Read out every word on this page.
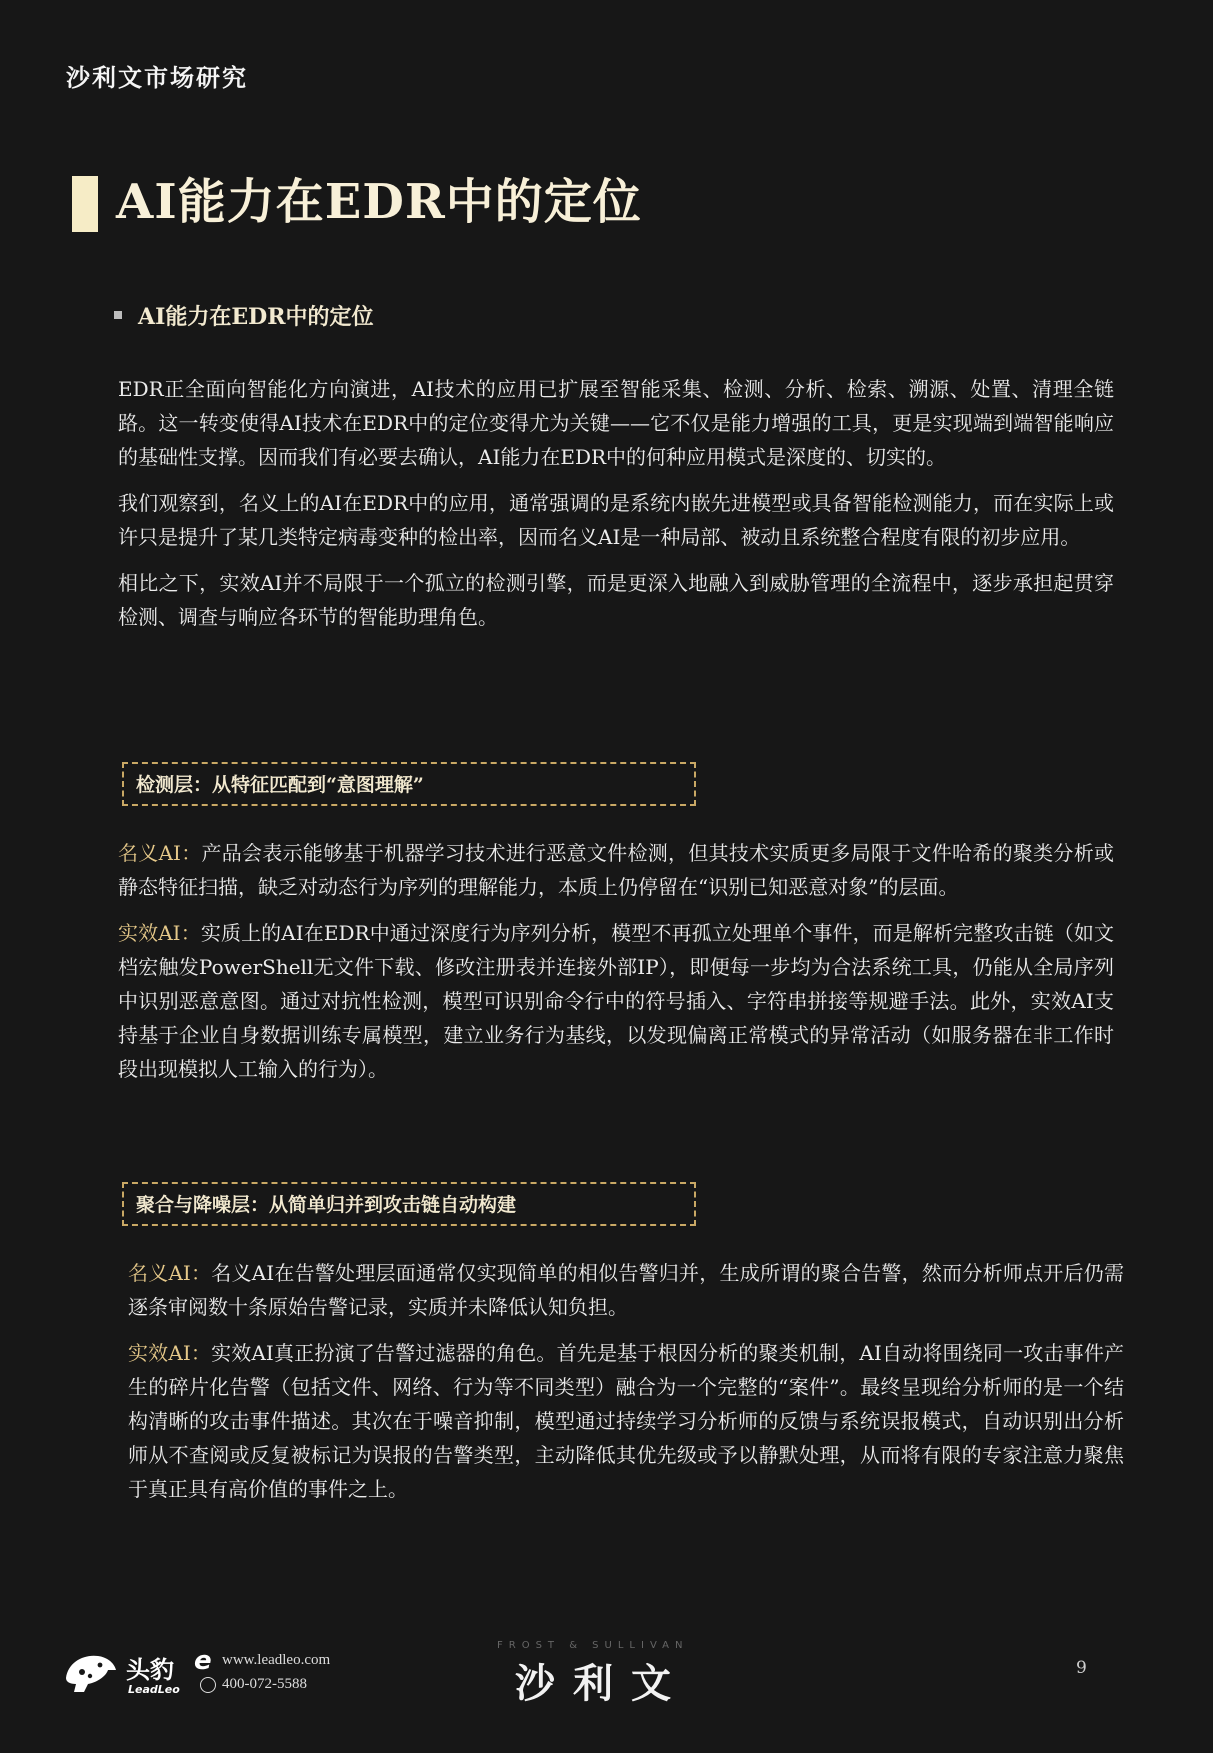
沙利文市场研究
AI能力在EDR中的定位
AI能力在EDR中的定位

EDR正全面向智能化方向演进，AI技术的应用已扩展至智能采集、检测、分析、检索、溯源、处置、清理全链路。这一转变使得AI技术在EDR中的定位变得尤为关键——它不仅是能力增强的工具，更是实现端到端智能响应的基础性支撑。因而我们有必要去确认，AI能力在EDR中的何种应用模式是深度的、切实的。

我们观察到，名义上的AI在EDR中的应用，通常强调的是系统内嵌先进模型或具备智能检测能力，而在实际上或许只是提升了某几类特定病毒变种的检出率，因而名义AI是一种局部、被动且系统整合程度有限的初步应用。

相比之下，实效AI并不局限于一个孤立的检测引擎，而是更深入地融入到威胁管理的全流程中，逐步承担起贯穿检测、调查与响应各环节的智能助理角色。

检测层：从特征匹配到“意图理解”

名义AI：产品会表示能够基于机器学习技术进行恶意文件检测，但其技术实质更多局限于文件哈希的聚类分析或静态特征扫描，缺乏对动态行为序列的理解能力，本质上仍停留在“识别已知恶意对象”的层面。

实效AI：实质上的AI在EDR中通过深度行为序列分析，模型不再孤立处理单个事件，而是解析完整攻击链（如文档宏触发PowerShell无文件下载、修改注册表并连接外部IP），即便每一步均为合法系统工具，仍能从全局序列中识别恶意意图。通过对抗性检测，模型可识别命令行中的符号插入、字符串拼接等规避手法。此外，实效AI支持基于企业自身数据训练专属模型，建立业务行为基线，以发现偏离正常模式的异常活动（如服务器在非工作时段出现模拟人工输入的行为）。

聚合与降噪层：从简单归并到攻击链自动构建

名义AI：名义AI在告警处理层面通常仅实现简单的相似告警归并，生成所谓的聚合告警，然而分析师点开后仍需逐条审阅数十条原始告警记录，实质并未降低认知负担。

实效AI：实效AI真正扮演了告警过滤器的角色。首先是基于根因分析的聚类机制，AI自动将围绕同一攻击事件产生的碎片化告警（包括文件、网络、行为等不同类型）融合为一个完整的“案件”。最终呈现给分析师的是一个结构清晰的攻击事件描述。其次在于噪音抑制，模型通过持续学习分析师的反馈与系统误报模式，自动识别出分析师从不查阅或反复被标记为误报的告警类型，主动降低其优先级或予以静默处理，从而将有限的专家注意力聚焦于真正具有高价值的事件之上。

头豹
LeadLeo
e www.leadleo.com
400-072-5588
FROST & SULLIVAN
沙利文	9
